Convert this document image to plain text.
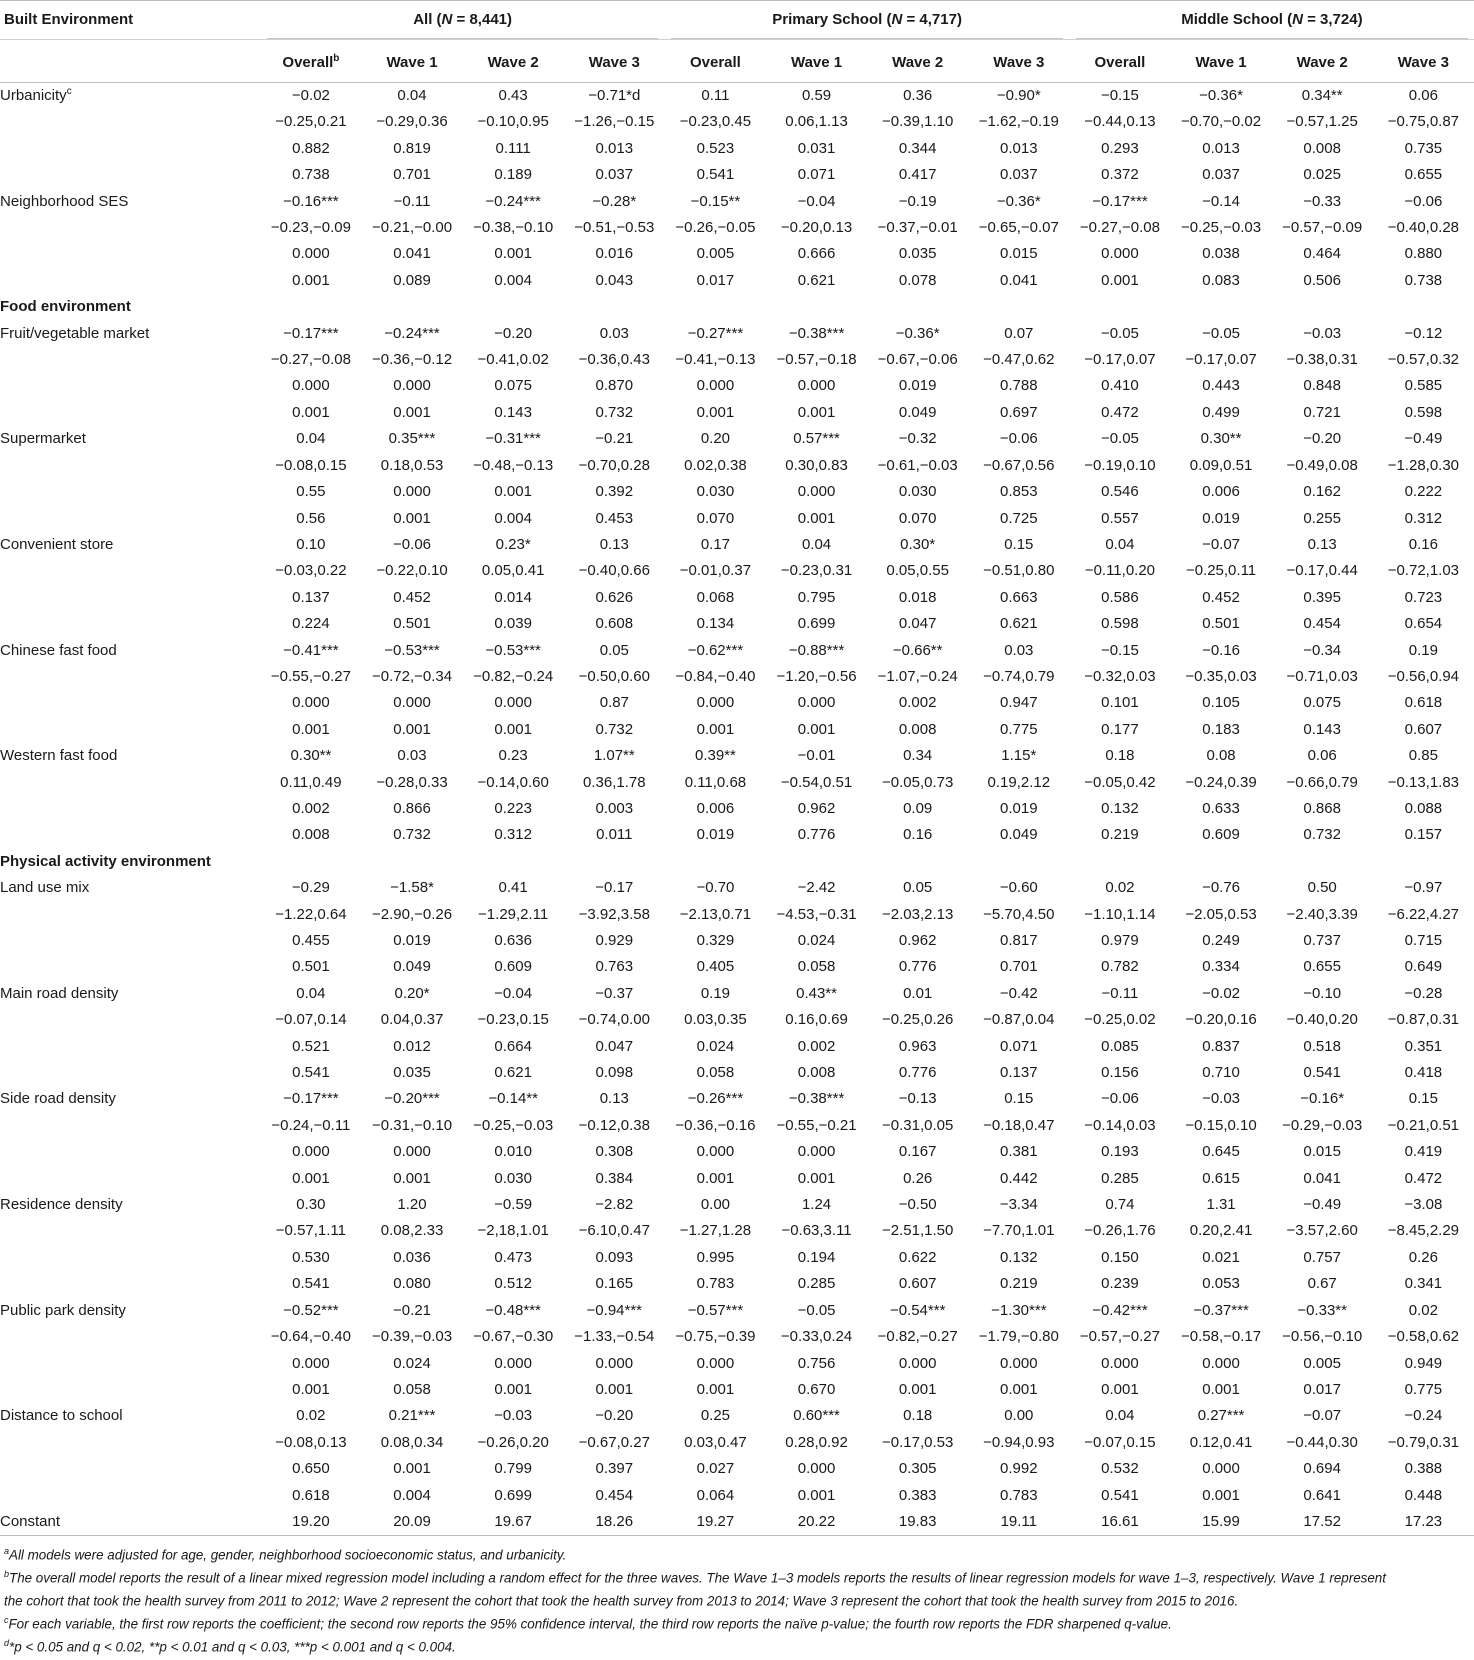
Built Environment	All (N = 8,441)				Primary School (N = 4,717)				Middle School (N = 3,724)			

	Overall$^b$	Wave 1	Wave 2	Wave 3	Overall	Wave 1	Wave 2	Wave 3	Overall	Wave 1	Wave 2	Wave 3
Urbanicity$^c$	−0.02	0.04	0.43	−0.71*d	0.11	0.59	0.36	−0.90*	−0.15	−0.36*	0.34**	0.06
	−0.25,0.21	−0.29,0.36	−0.10,0.95	−1.26,−0.15	−0.23,0.45	0.06,1.13	−0.39,1.10	−1.62,−0.19	−0.44,0.13	−0.70,−0.02	−0.57,1.25	−0.75,0.87
	0.882	0.819	0.111	0.013	0.523	0.031	0.344	0.013	0.293	0.013	0.008	0.735
	0.738	0.701	0.189	0.037	0.541	0.071	0.417	0.037	0.372	0.037	0.025	0.655
Neighborhood SES	−0.16***	−0.11	−0.24***	−0.28*	−0.15**	−0.04	−0.19	−0.36*	−0.17***	−0.14	−0.33	−0.06
	−0.23,−0.09	−0.21,−0.00	−0.38,−0.10	−0.51,−0.53	−0.26,−0.05	−0.20,0.13	−0.37,−0.01	−0.65,−0.07	−0.27,−0.08	−0.25,−0.03	−0.57,−0.09	−0.40,0.28
	0.000	0.041	0.001	0.016	0.005	0.666	0.035	0.015	0.000	0.038	0.464	0.880
	0.001	0.089	0.004	0.043	0.017	0.621	0.078	0.041	0.001	0.083	0.506	0.738
Food environment												
Fruit/vegetable market	−0.17***	−0.24***	−0.20	0.03	−0.27***	−0.38***	−0.36*	0.07	−0.05	−0.05	−0.03	−0.12
	−0.27,−0.08	−0.36,−0.12	−0.41,0.02	−0.36,0.43	−0.41,−0.13	−0.57,−0.18	−0.67,−0.06	−0.47,0.62	−0.17,0.07	−0.17,0.07	−0.38,0.31	−0.57,0.32
	0.000	0.000	0.075	0.870	0.000	0.000	0.019	0.788	0.410	0.443	0.848	0.585
	0.001	0.001	0.143	0.732	0.001	0.001	0.049	0.697	0.472	0.499	0.721	0.598
Supermarket	0.04	0.35***	−0.31***	−0.21	0.20	0.57***	−0.32	−0.06	−0.05	0.30**	−0.20	−0.49
	−0.08,0.15	0.18,0.53	−0.48,−0.13	−0.70,0.28	0.02,0.38	0.30,0.83	−0.61,−0.03	−0.67,0.56	−0.19,0.10	0.09,0.51	−0.49,0.08	−1.28,0.30
	0.55	0.000	0.001	0.392	0.030	0.000	0.030	0.853	0.546	0.006	0.162	0.222
	0.56	0.001	0.004	0.453	0.070	0.001	0.070	0.725	0.557	0.019	0.255	0.312
Convenient store	0.10	−0.06	0.23*	0.13	0.17	0.04	0.30*	0.15	0.04	−0.07	0.13	0.16
	−0.03,0.22	−0.22,0.10	0.05,0.41	−0.40,0.66	−0.01,0.37	−0.23,0.31	0.05,0.55	−0.51,0.80	−0.11,0.20	−0.25,0.11	−0.17,0.44	−0.72,1.03
	0.137	0.452	0.014	0.626	0.068	0.795	0.018	0.663	0.586	0.452	0.395	0.723
	0.224	0.501	0.039	0.608	0.134	0.699	0.047	0.621	0.598	0.501	0.454	0.654
Chinese fast food	−0.41***	−0.53***	−0.53***	0.05	−0.62***	−0.88***	−0.66**	0.03	−0.15	−0.16	−0.34	0.19
	−0.55,−0.27	−0.72,−0.34	−0.82,−0.24	−0.50,0.60	−0.84,−0.40	−1.20,−0.56	−1.07,−0.24	−0.74,0.79	−0.32,0.03	−0.35,0.03	−0.71,0.03	−0.56,0.94
	0.000	0.000	0.000	0.87	0.000	0.000	0.002	0.947	0.101	0.105	0.075	0.618
	0.001	0.001	0.001	0.732	0.001	0.001	0.008	0.775	0.177	0.183	0.143	0.607
Western fast food	0.30**	0.03	0.23	1.07**	0.39**	−0.01	0.34	1.15*	0.18	0.08	0.06	0.85
	0.11,0.49	−0.28,0.33	−0.14,0.60	0.36,1.78	0.11,0.68	−0.54,0.51	−0.05,0.73	0.19,2.12	−0.05,0.42	−0.24,0.39	−0.66,0.79	−0.13,1.83
	0.002	0.866	0.223	0.003	0.006	0.962	0.09	0.019	0.132	0.633	0.868	0.088
	0.008	0.732	0.312	0.011	0.019	0.776	0.16	0.049	0.219	0.609	0.732	0.157
Physical activity environment												
Land use mix	−0.29	−1.58*	0.41	−0.17	−0.70	−2.42	0.05	−0.60	0.02	−0.76	0.50	−0.97
	−1.22,0.64	−2.90,−0.26	−1.29,2.11	−3.92,3.58	−2.13,0.71	−4.53,−0.31	−2.03,2.13	−5.70,4.50	−1.10,1.14	−2.05,0.53	−2.40,3.39	−6.22,4.27
	0.455	0.019	0.636	0.929	0.329	0.024	0.962	0.817	0.979	0.249	0.737	0.715
	0.501	0.049	0.609	0.763	0.405	0.058	0.776	0.701	0.782	0.334	0.655	0.649
Main road density	0.04	0.20*	−0.04	−0.37	0.19	0.43**	0.01	−0.42	−0.11	−0.02	−0.10	−0.28
	−0.07,0.14	0.04,0.37	−0.23,0.15	−0.74,0.00	0.03,0.35	0.16,0.69	−0.25,0.26	−0.87,0.04	−0.25,0.02	−0.20,0.16	−0.40,0.20	−0.87,0.31
	0.521	0.012	0.664	0.047	0.024	0.002	0.963	0.071	0.085	0.837	0.518	0.351
	0.541	0.035	0.621	0.098	0.058	0.008	0.776	0.137	0.156	0.710	0.541	0.418
Side road density	−0.17***	−0.20***	−0.14**	0.13	−0.26***	−0.38***	−0.13	0.15	−0.06	−0.03	−0.16*	0.15
	−0.24,−0.11	−0.31,−0.10	−0.25,−0.03	−0.12,0.38	−0.36,−0.16	−0.55,−0.21	−0.31,0.05	−0.18,0.47	−0.14,0.03	−0.15,0.10	−0.29,−0.03	−0.21,0.51
	0.000	0.000	0.010	0.308	0.000	0.000	0.167	0.381	0.193	0.645	0.015	0.419
	0.001	0.001	0.030	0.384	0.001	0.001	0.26	0.442	0.285	0.615	0.041	0.472
Residence density	0.30	1.20	−0.59	−2.82	0.00	1.24	−0.50	−3.34	0.74	1.31	−0.49	−3.08
	−0.57,1.11	0.08,2.33	−2,18,1.01	−6.10,0.47	−1.27,1.28	−0.63,3.11	−2.51,1.50	−7.70,1.01	−0.26,1.76	0.20,2.41	−3.57,2.60	−8.45,2.29
	0.530	0.036	0.473	0.093	0.995	0.194	0.622	0.132	0.150	0.021	0.757	0.26
	0.541	0.080	0.512	0.165	0.783	0.285	0.607	0.219	0.239	0.053	0.67	0.341
Public park density	−0.52***	−0.21	−0.48***	−0.94***	−0.57***	−0.05	−0.54***	−1.30***	−0.42***	−0.37***	−0.33**	0.02
	−0.64,−0.40	−0.39,−0.03	−0.67,−0.30	−1.33,−0.54	−0.75,−0.39	−0.33,0.24	−0.82,−0.27	−1.79,−0.80	−0.57,−0.27	−0.58,−0.17	−0.56,−0.10	−0.58,0.62
	0.000	0.024	0.000	0.000	0.000	0.756	0.000	0.000	0.000	0.000	0.005	0.949
	0.001	0.058	0.001	0.001	0.001	0.670	0.001	0.001	0.001	0.001	0.017	0.775
Distance to school	0.02	0.21***	−0.03	−0.20	0.25	0.60***	0.18	0.00	0.04	0.27***	−0.07	−0.24
	−0.08,0.13	0.08,0.34	−0.26,0.20	−0.67,0.27	0.03,0.47	0.28,0.92	−0.17,0.53	−0.94,0.93	−0.07,0.15	0.12,0.41	−0.44,0.30	−0.79,0.31
	0.650	0.001	0.799	0.397	0.027	0.000	0.305	0.992	0.532	0.000	0.694	0.388
	0.618	0.004	0.699	0.454	0.064	0.001	0.383	0.783	0.541	0.001	0.641	0.448
Constant	19.20	20.09	19.67	18.26	19.27	20.22	19.83	19.11	16.61	15.99	17.52	17.23
$^a$All models were adjusted for age, gender, neighborhood socioeconomic status, and urbanicity.
$^b$The overall model reports the result of a linear mixed regression model including a random effect for the three waves. The Wave 1–3 models reports the results of linear regression models for wave 1–3, respectively. Wave 1 represent
the cohort that took the health survey from 2011 to 2012; Wave 2 represent the cohort that took the health survey from 2013 to 2014; Wave 3 represent the cohort that took the health survey from 2015 to 2016.
$^c$For each variable, the first row reports the coefficient; the second row reports the 95% confidence interval, the third row reports the naïve p-value; the fourth row reports the FDR sharpened q-value.
$^d$*p < 0.05 and q < 0.02, **p < 0.01 and q < 0.03, ***p < 0.001 and q < 0.004.
